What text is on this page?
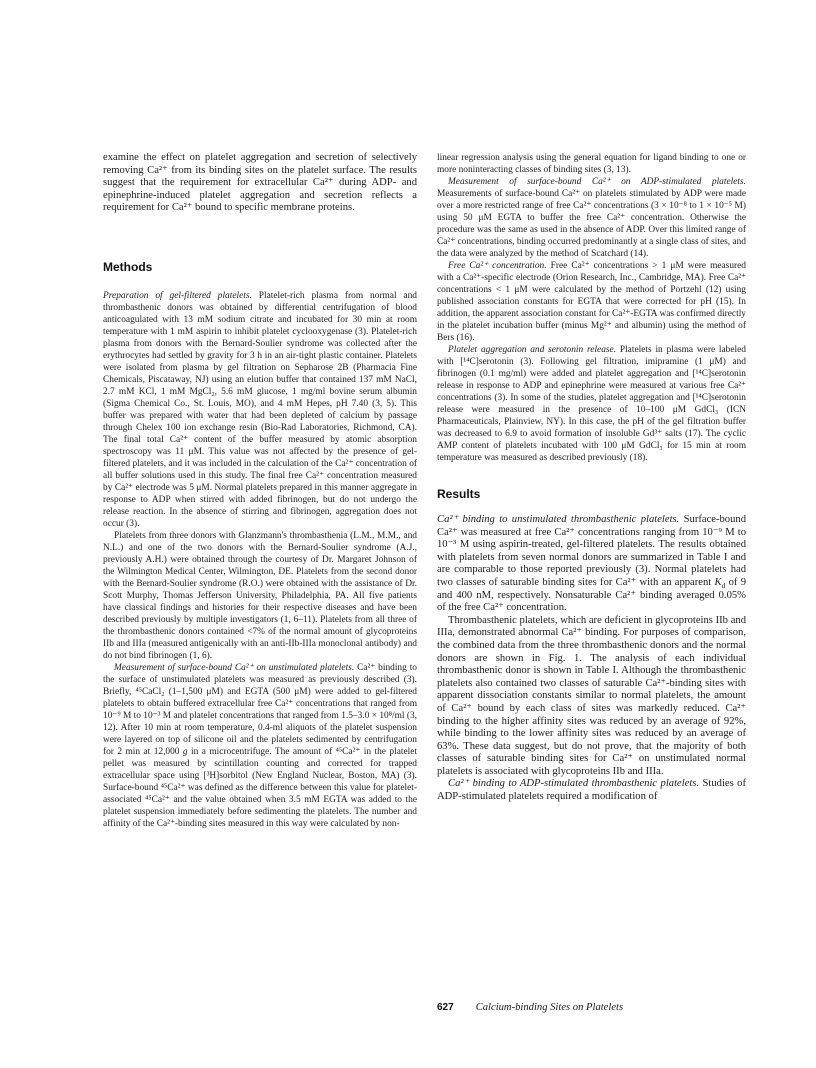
examine the effect on platelet aggregation and secretion of selectively removing Ca²⁺ from its binding sites on the platelet surface. The results suggest that the requirement for extracellular Ca²⁺ during ADP- and epinephrine-induced platelet aggregation and secretion reflects a requirement for Ca²⁺ bound to specific membrane proteins.

Methods

Preparation of gel-filtered platelets. Platelet-rich plasma from normal and thrombasthenic donors was obtained by differential centrifugation of blood anticoagulated with 13 mM sodium citrate and incubated for 30 min at room temperature with 1 mM aspirin to inhibit platelet cyclooxygenase (3). Platelet-rich plasma from donors with the Bernard-Soulier syndrome was collected after the erythrocytes had settled by gravity for 3 h in an air-tight plastic container. Platelets were isolated from plasma by gel filtration on Sepharose 2B (Pharmacia Fine Chemicals, Piscataway, NJ) using an elution buffer that contained 137 mM NaCl, 2.7 mM KCl, 1 mM MgCl₂, 5.6 mM glucose, 1 mg/ml bovine serum albumin (Sigma Chemical Co., St. Louis, MO), and 4 mM Hepes, pH 7.40 (3, 5). This buffer was prepared with water that had been depleted of calcium by passage through Chelex 100 ion exchange resin (Bio-Rad Laboratories, Richmond, CA). The final total Ca²⁺ content of the buffer measured by atomic absorption spectroscopy was 11 μM. This value was not affected by the presence of gel-filtered platelets, and it was included in the calculation of the Ca²⁺ concentration of all buffer solutions used in this study. The final free Ca²⁺ concentration measured by Ca²⁺ electrode was 5 μM. Normal platelets prepared in this manner aggregate in response to ADP when stirred with added fibrinogen, but do not undergo the release reaction. In the absence of stirring and fibrinogen, aggregation does not occur (3).

Platelets from three donors with Glanzmann's thrombasthenia (L.M., M.M., and N.L.) and one of the two donors with the Bernard-Soulier syndrome (A.J., previously A.H.) were obtained through the courtesy of Dr. Margaret Johnson of the Wilmington Medical Center, Wilmington, DE. Platelets from the second donor with the Bernard-Soulier syndrome (R.O.) were obtained with the assistance of Dr. Scott Murphy, Thomas Jefferson University, Philadelphia, PA. All five patients have classical findings and histories for their respective diseases and have been described previously by multiple investigators (1, 6–11). Platelets from all three of the thrombasthenic donors contained <7% of the normal amount of glycoproteins IIb and IIIa (measured antigenically with an anti-IIb-IIIa monoclonal antibody) and do not bind fibrinogen (1, 6).

Measurement of surface-bound Ca²⁺ on unstimulated platelets. Ca²⁺ binding to the surface of unstimulated platelets was measured as previously described (3). Briefly, ⁴⁵CaCl₂ (1–1,500 μM) and EGTA (500 μM) were added to gel-filtered platelets to obtain buffered extracellular free Ca²⁺ concentrations that ranged from 10⁻⁹ M to 10⁻³ M and platelet concentrations that ranged from 1.5–3.0 × 10⁸/ml (3, 12). After 10 min at room temperature, 0.4-ml aliquots of the platelet suspension were layered on top of silicone oil and the platelets sedimented by centrifugation for 2 min at 12,000 g in a microcentrifuge. The amount of ⁴⁵Ca²⁺ in the platelet pellet was measured by scintillation counting and corrected for trapped extracellular space using [³H]sorbitol (New England Nuclear, Boston, MA) (3). Surface-bound ⁴⁵Ca²⁺ was defined as the difference between this value for platelet-associated ⁴⁵Ca²⁺ and the value obtained when 3.5 mM EGTA was added to the platelet suspension immediately before sedimenting the platelets. The number and affinity of the Ca²⁺-binding sites measured in this way were calculated by non-

linear regression analysis using the general equation for ligand binding to one or more noninteracting classes of binding sites (3, 13).

Measurement of surface-bound Ca²⁺ on ADP-stimulated platelets. Measurements of surface-bound Ca²⁺ on platelets stimulated by ADP were made over a more restricted range of free Ca²⁺ concentrations (3 × 10⁻⁸ to 1 × 10⁻⁵ M) using 50 μM EGTA to buffer the free Ca²⁺ concentration. Otherwise the procedure was the same as used in the absence of ADP. Over this limited range of Ca²⁺ concentrations, binding occurred predominantly at a single class of sites, and the data were analyzed by the method of Scatchard (14).

Free Ca²⁺ concentration. Free Ca²⁺ concentrations > 1 μM were measured with a Ca²⁺-specific electrode (Orion Research, Inc., Cambridge, MA). Free Ca²⁺ concentrations < 1 μM were calculated by the method of Portzehl (12) using published association constants for EGTA that were corrected for pH (15). In addition, the apparent association constant for Ca²⁺-EGTA was confirmed directly in the platelet incubation buffer (minus Mg²⁺ and albumin) using the method of Bers (16).

Platelet aggregation and serotonin release. Platelets in plasma were labeled with [¹⁴C]serotonin (3). Following gel filtration, imipramine (1 μM) and fibrinogen (0.1 mg/ml) were added and platelet aggregation and [¹⁴C]serotonin release in response to ADP and epinephrine were measured at various free Ca²⁺ concentrations (3). In some of the studies, platelet aggregation and [¹⁴C]serotonin release were measured in the presence of 10–100 μM GdCl₃ (ICN Pharmaceuticals, Plainview, NY). In this case, the pH of the gel filtration buffer was decreased to 6.9 to avoid formation of insoluble Gd³⁺ salts (17). The cyclic AMP content of platelets incubated with 100 μM GdCl₃ for 15 min at room temperature was measured as described previously (18).

Results

Ca²⁺ binding to unstimulated thrombasthenic platelets. Surface-bound Ca²⁺ was measured at free Ca²⁺ concentrations ranging from 10⁻⁹ M to 10⁻³ M using aspirin-treated, gel-filtered platelets. The results obtained with platelets from seven normal donors are summarized in Table I and are comparable to those reported previously (3). Normal platelets had two classes of saturable binding sites for Ca²⁺ with an apparent $K_d$ of 9 and 400 nM, respectively. Nonsaturable Ca²⁺ binding averaged 0.05% of the free Ca²⁺ concentration.

Thrombasthenic platelets, which are deficient in glycoproteins IIb and IIIa, demonstrated abnormal Ca²⁺ binding. For purposes of comparison, the combined data from the three thrombasthenic donors and the normal donors are shown in Fig. 1. The analysis of each individual thrombasthenic donor is shown in Table I. Although the thrombasthenic platelets also contained two classes of saturable Ca²⁺-binding sites with apparent dissociation constants similar to normal platelets, the amount of Ca²⁺ bound by each class of sites was markedly reduced. Ca²⁺ binding to the higher affinity sites was reduced by an average of 92%, while binding to the lower affinity sites was reduced by an average of 63%. These data suggest, but do not prove, that the majority of both classes of saturable binding sites for Ca²⁺ on unstimulated normal platelets is associated with glycoproteins IIb and IIIa.

Ca²⁺ binding to ADP-stimulated thrombasthenic platelets. Studies of ADP-stimulated platelets required a modification of

627 Calcium-binding Sites on Platelets
